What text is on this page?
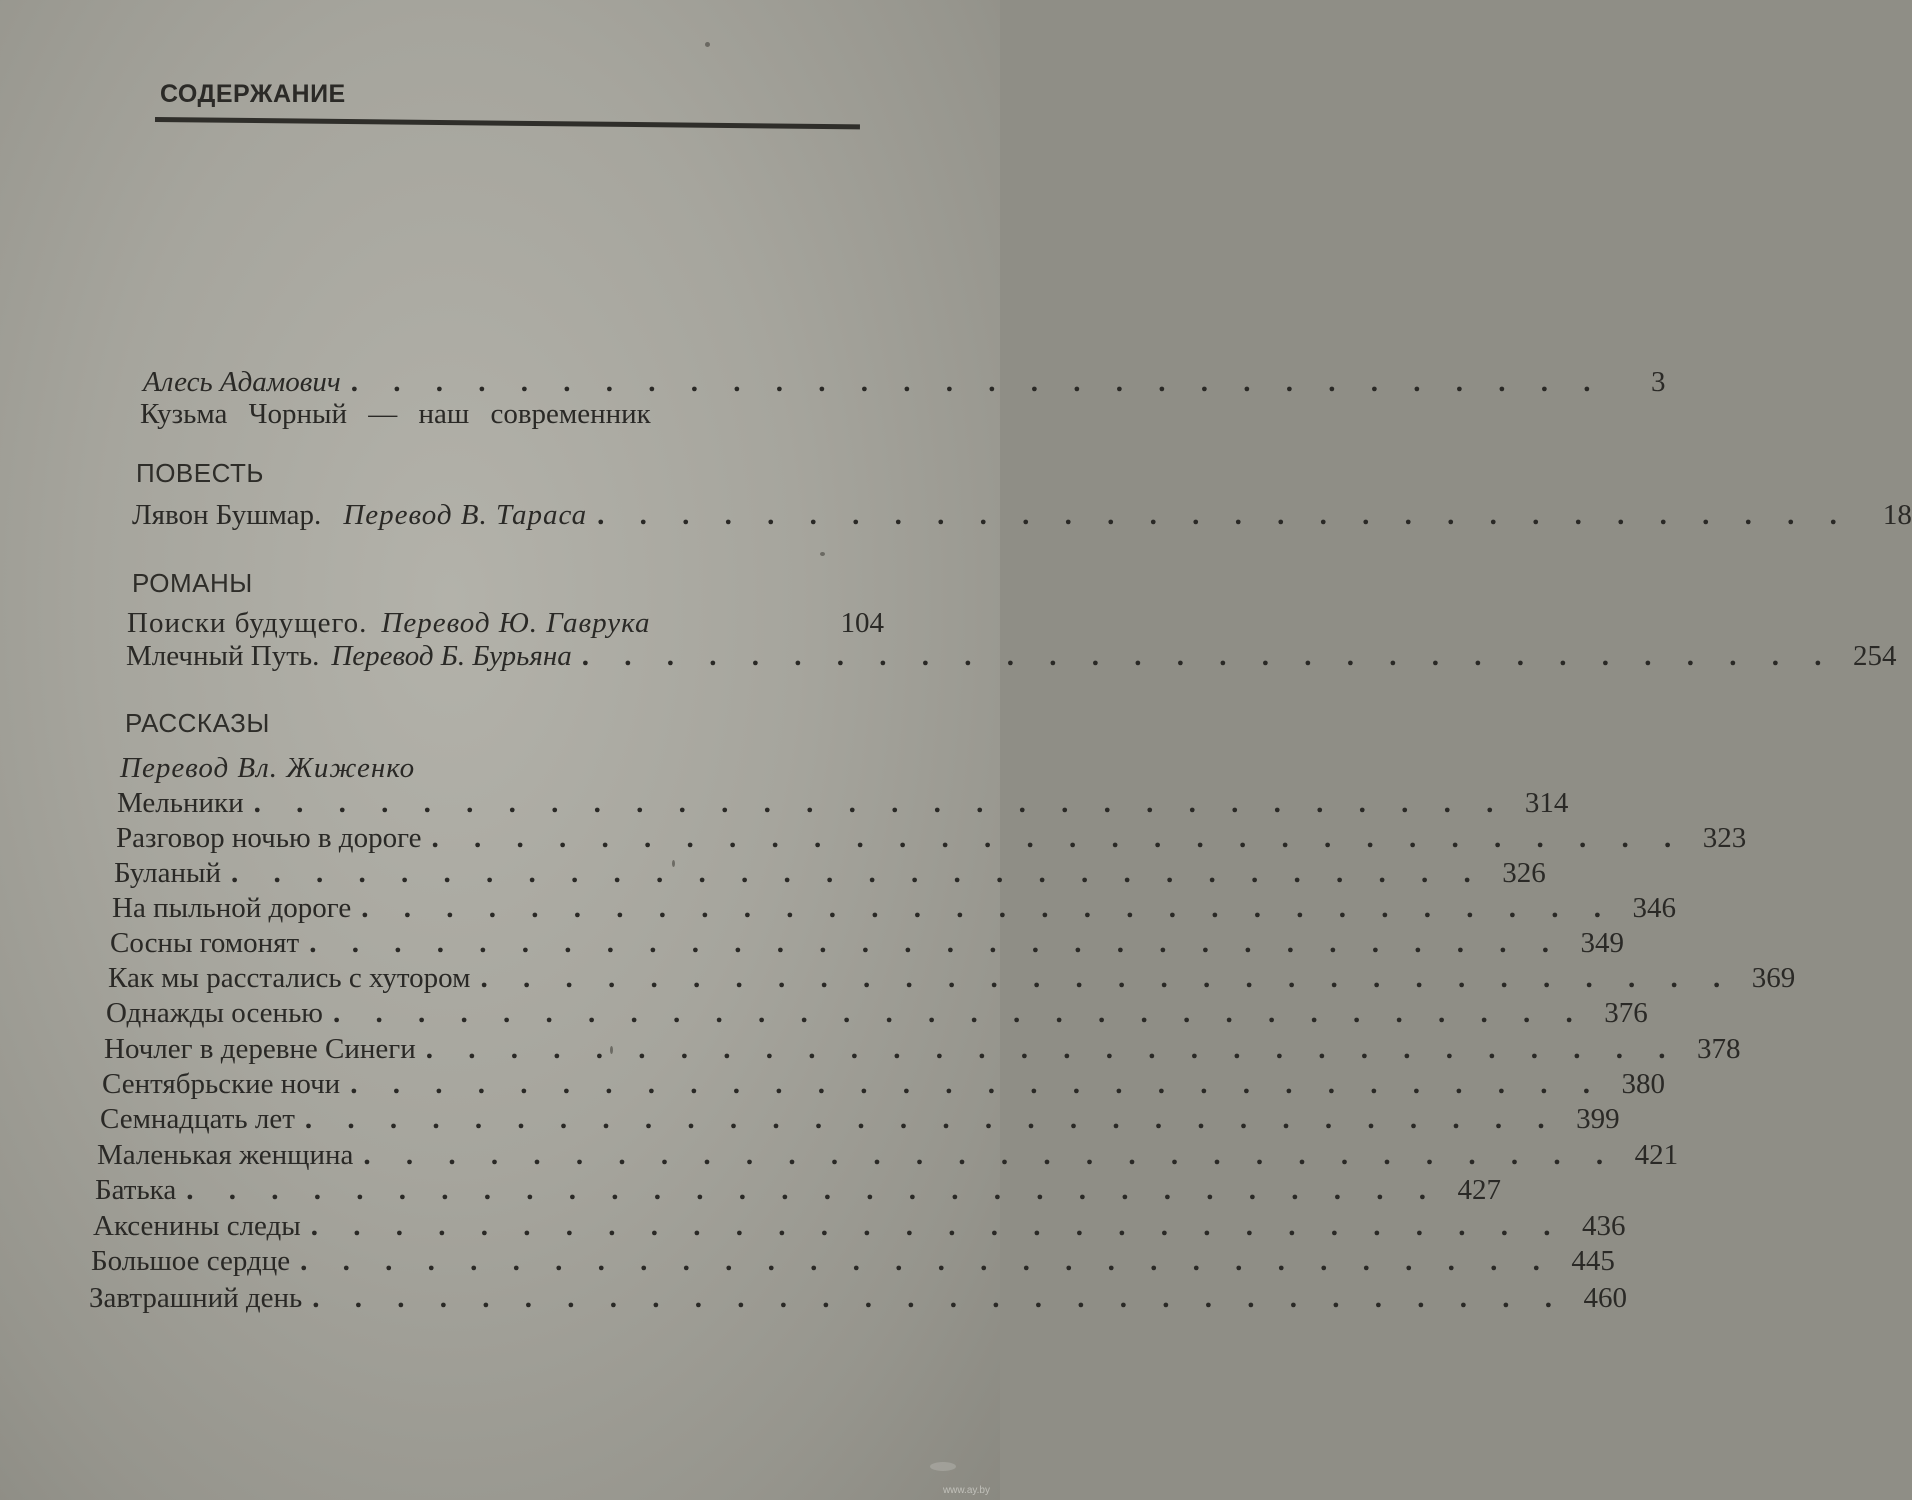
СОДЕРЖАНИЕ
Алесь Адамович . . . . . . . . . . . . . . . . . . . . . . . . . . . . . .	3
Кузьма Чорный — наш современник
ПОВЕСТЬ
Лявон Бушмар. Перевод В. Тараса . . . . . . . . . . . . . . . . . . . . . . . . . . . . . .	18
РОМАНЫ
Поиски будущего. Перевод Ю. Гаврука	104
Млечный Путь. Перевод Б. Бурьяна . . . . . . . . . . . . . . . . . . . . . . . . . . . . . . 254
РАССКАЗЫ
Перевод Вл. Жиженко
Мельники . . . . . . . . . . . . . . . . . . . . . . . . . . . . . . 314
Разговор ночью в дороге . . . . . . . . . . . . . . . . . . . . . . . . . . . . . . 323
Буланый . . . . . . . . . . . . . . . . . . . . . . . . . . . . . . 326
На пыльной дороге . . . . . . . . . . . . . . . . . . . . . . . . . . . . . . 346
Сосны гомонят . . . . . . . . . . . . . . . . . . . . . . . . . . . . . . 349
Как мы расстались с хутором . . . . . . . . . . . . . . . . . . . . . . . . . . . . . . 369
Однажды осенью . . . . . . . . . . . . . . . . . . . . . . . . . . . . . . 376
Ночлег в деревне Синеги . . . . . . . . . . . . . . . . . . . . . . . . . . . . . . 378
Сентябрьские ночи . . . . . . . . . . . . . . . . . . . . . . . . . . . . . . 380
Семнадцать лет . . . . . . . . . . . . . . . . . . . . . . . . . . . . . . 399
Маленькая женщина . . . . . . . . . . . . . . . . . . . . . . . . . . . . . . 421
Батька . . . . . . . . . . . . . . . . . . . . . . . . . . . . . . 427
Аксенины следы . . . . . . . . . . . . . . . . . . . . . . . . . . . . . . 436
Большое сердце . . . . . . . . . . . . . . . . . . . . . . . . . . . . . . 445
Завтрашний день . . . . . . . . . . . . . . . . . . . . . . . . . . . . . . 460
www.ay.by
